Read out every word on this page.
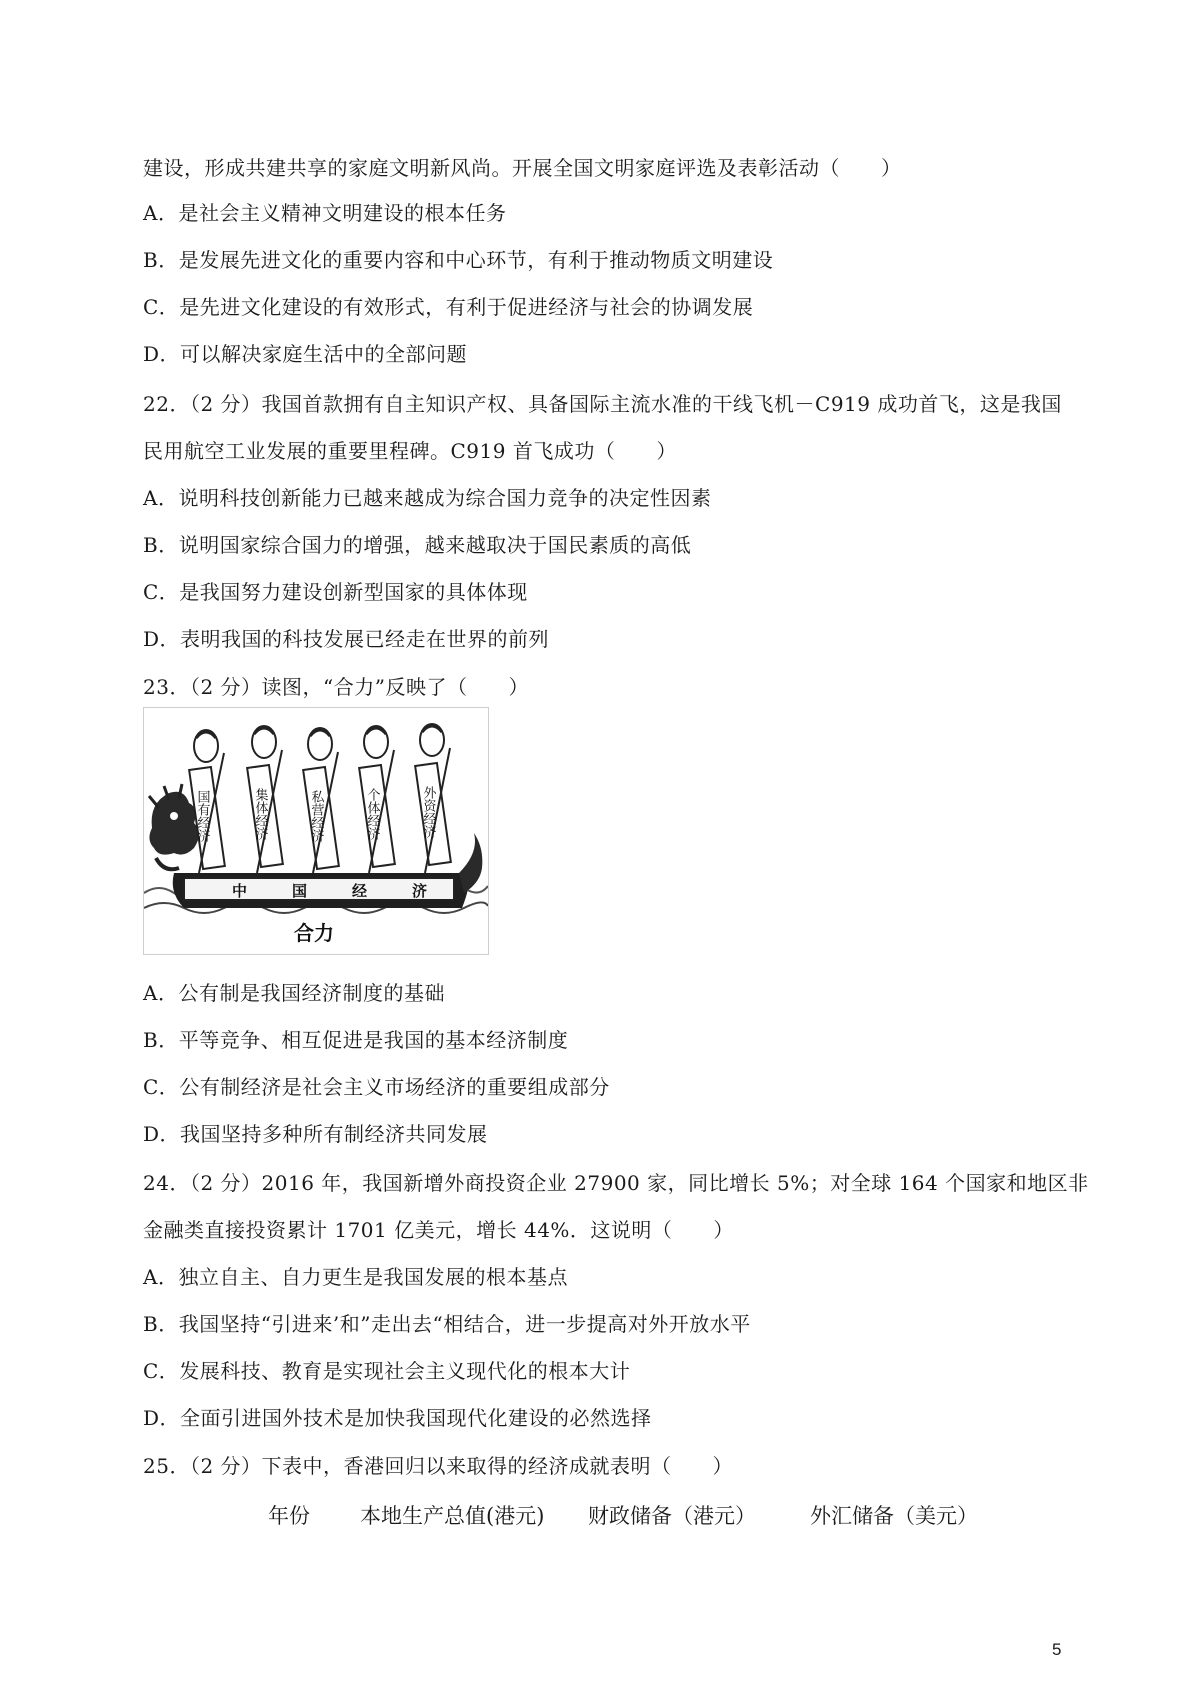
建设，形成共建共享的家庭文明新风尚。开展全国文明家庭评选及表彰活动（　　）
A．是社会主义精神文明建设的根本任务
B．是发展先进文化的重要内容和中心环节，有利于推动物质文明建设
C．是先进文化建设的有效形式，有利于促进经济与社会的协调发展
D．可以解决家庭生活中的全部问题
22．（2 分）我国首款拥有自主知识产权、具备国际主流水准的干线飞机－C919 成功首飞，这是我国
民用航空工业发展的重要里程碑。C919 首飞成功（　　）
A．说明科技创新能力已越来越成为综合国力竞争的决定性因素
B．说明国家综合国力的增强，越来越取决于国民素质的高低
C．是我国努力建设创新型国家的具体体现
D．表明我国的科技发展已经走在世界的前列
23．（2 分）读图，“合力”反映了（　　）
中	国	经	济
国有经济	集体经济	私营经济	个体经济	外资经济
合力
A．公有制是我国经济制度的基础
B．平等竞争、相互促进是我国的基本经济制度
C．公有制经济是社会主义市场经济的重要组成部分
D．我国坚持多种所有制经济共同发展
24．（2 分）2016 年，我国新增外商投资企业 27900 家，同比增长 5%；对全球 164 个国家和地区非
金融类直接投资累计 1701 亿美元，增长 44%．这说明（　　）
A．独立自主、自力更生是我国发展的根本基点
B．我国坚持“引进来’和”走出去“相结合，进一步提高对外开放水平
C．发展科技、教育是实现社会主义现代化的根本大计
D．全面引进国外技术是加快我国现代化建设的必然选择
25．（2 分）下表中，香港回归以来取得的经济成就表明（　　）
年份 本地生产总值(港元) 财政储备（港元）	外汇储备（美元）
5
